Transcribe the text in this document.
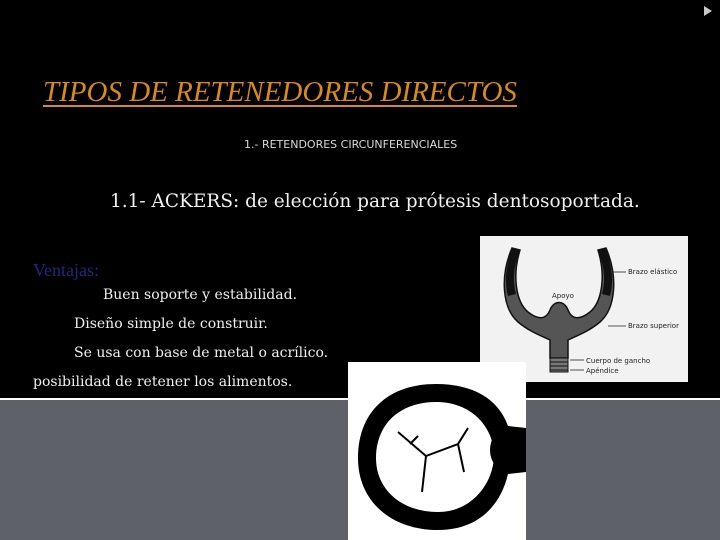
TIPOS DE RETENEDORES DIRECTOS
1.- RETENDORES CIRCUNFERENCIALES
1.1- ACKERS: de elección para prótesis dentosoportada.
Ventajas:
Buen soporte y estabilidad.
Diseño simple de construir.
Se usa con base de metal o acrílico.
posibilidad de retener los alimentos.
Brazo elástico
Apoyo
Brazo superior
Cuerpo de gancho
Apéndice
